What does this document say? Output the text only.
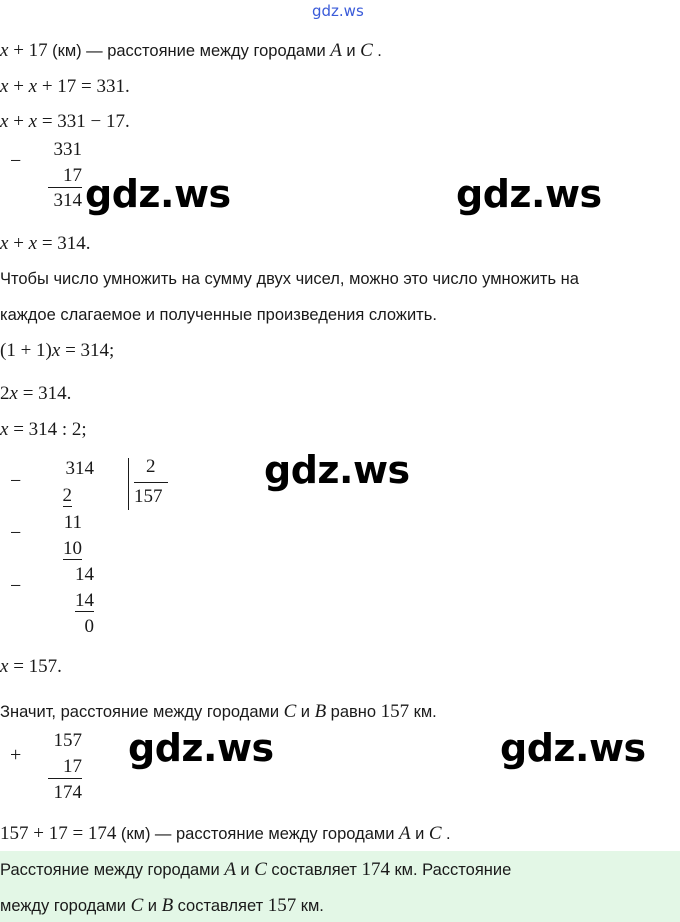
gdz.ws
x + 17 (км) — расстояние между городами A и C .
x + x + 17 = 331.
x + x = 331 − 17.
−
331
17
314 gdz.ws	gdz.ws
x + x = 314.
Чтобы число умножить на сумму двух чисел, можно это число умножить на
каждое слагаемое и полученные произведения сложить.
(1 + 1)x = 314;
2x = 314.
x = 314 : 2;
−
314
2
2
157
−	11
10
−
14
14
0
gdz.ws
x = 157.
Значит, расстояние между городами C и B равно 157 км.
+
157
17
174
gdz.ws	gdz.ws
157 + 17 = 174 (км) — расстояние между городами A и C .
Расстояние между городами A и C составляет 174 км. Расстояние
между городами C и B составляет 157 км.
